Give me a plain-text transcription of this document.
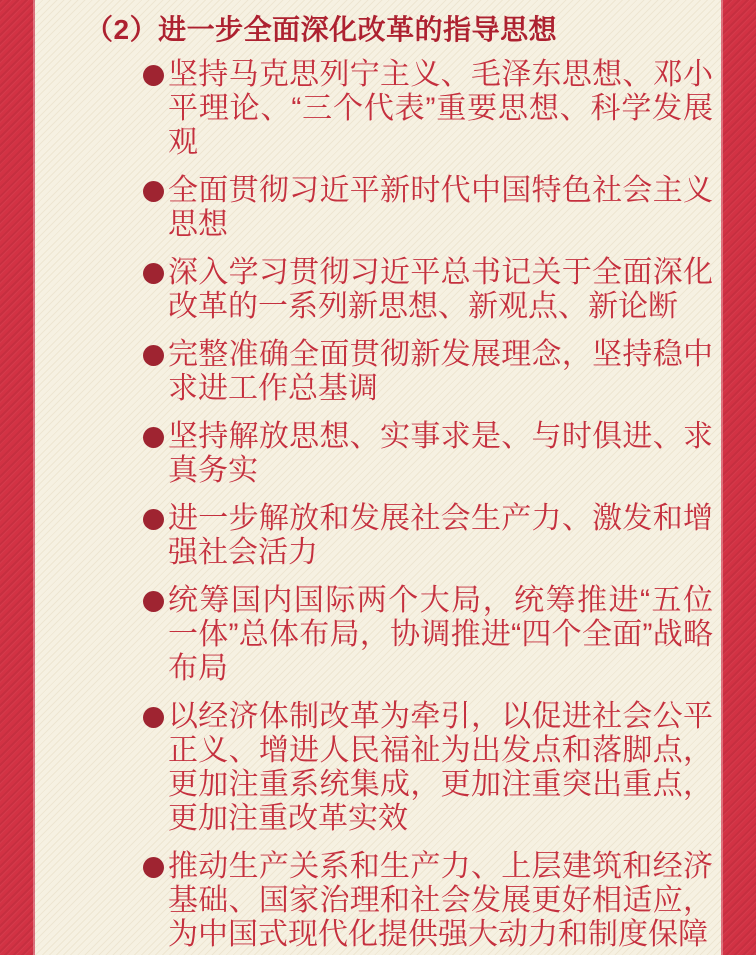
（2）进一步全面深化改革的指导思想
坚持马克思列宁主义、毛泽东思想、邓小平理论、“三个代表”重要思想、科学发展观
全面贯彻习近平新时代中国特色社会主义思想
深入学习贯彻习近平总书记关于全面深化改革的一系列新思想、新观点、新论断
完整准确全面贯彻新发展理念，坚持稳中求进工作总基调
坚持解放思想、实事求是、与时俱进、求真务实
进一步解放和发展社会生产力、激发和增强社会活力
统筹国内国际两个大局，统筹推进“五位一体”总体布局，协调推进“四个全面”战略布局
以经济体制改革为牵引，以促进社会公平正义、增进人民福祉为出发点和落脚点，更加注重系统集成，更加注重突出重点，更加注重改革实效
推动生产关系和生产力、上层建筑和经济基础、国家治理和社会发展更好相适应，为中国式现代化提供强大动力和制度保障
